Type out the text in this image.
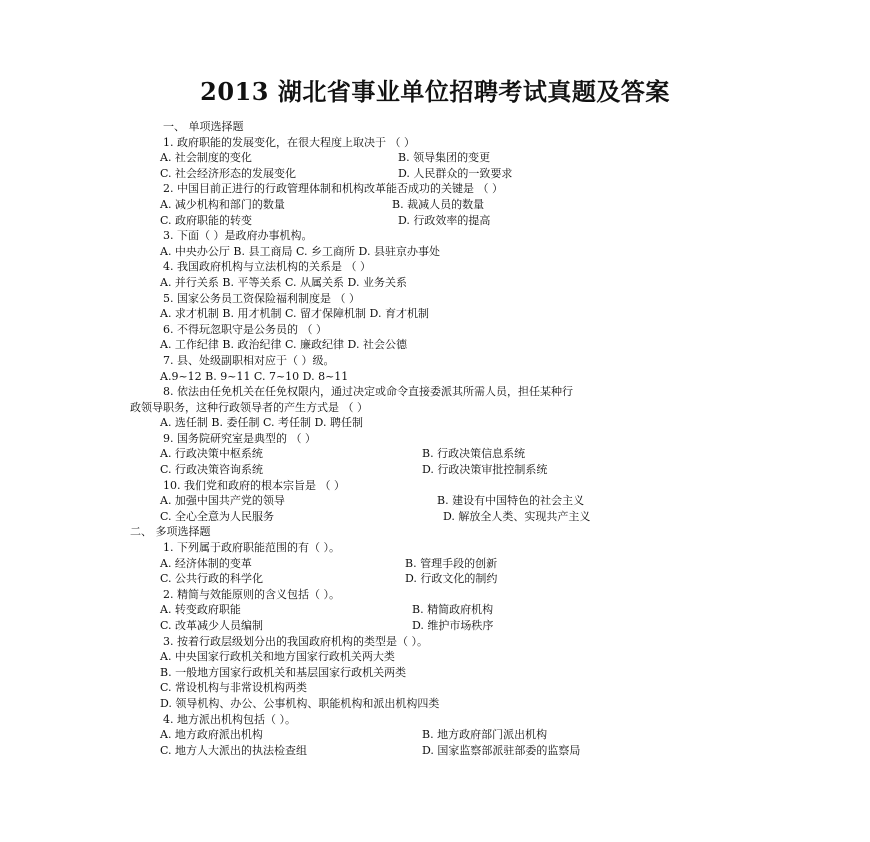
2013 湖北省事业单位招聘考试真题及答案
一、 单项选择题
1. 政府职能的发展变化，在很大程度上取决于 （ ）
A. 社会制度的变化	B. 领导集团的变更
C. 社会经济形态的发展变化	D. 人民群众的一致要求
2. 中国目前正进行的行政管理体制和机构改革能否成功的关键是 （ ）
A. 减少机构和部门的数量	B. 裁减人员的数量
C. 政府职能的转变	D. 行政效率的提高
3. 下面（ ）是政府办事机构。
A. 中央办公厅 B. 县工商局 C. 乡工商所 D. 县驻京办事处
4. 我国政府机构与立法机构的关系是 （ ）
A. 并行关系 B. 平等关系 C. 从属关系 D. 业务关系
5. 国家公务员工资保险福利制度是 （ ）
A. 求才机制 B. 用才机制 C. 留才保障机制 D. 育才机制
6. 不得玩忽职守是公务员的 （ ）
A. 工作纪律 B. 政治纪律 C. 廉政纪律 D. 社会公德
7. 县、处级副职相对应于（ ）级。
A.9~12 B. 9~11 C. 7~10 D. 8~11
8. 依法由任免机关在任免权限内，通过决定或命令直接委派其所需人员，担任某种行
政领导职务，这种行政领导者的产生方式是 （ ）
A. 选任制 B. 委任制 C. 考任制 D. 聘任制
9. 国务院研究室是典型的 （ ）
A. 行政决策中枢系统	B. 行政决策信息系统
C. 行政决策咨询系统	D. 行政决策审批控制系统
10. 我们党和政府的根本宗旨是 （ ）
A. 加强中国共产党的领导	B. 建设有中国特色的社会主义
C. 全心全意为人民服务	D. 解放全人类、实现共产主义
二、 多项选择题
1. 下列属于政府职能范围的有（ ）。
A. 经济体制的变革	B. 管理手段的创新
C. 公共行政的科学化	D. 行政文化的制约
2. 精简与效能原则的含义包括（ ）。
A. 转变政府职能	B. 精简政府机构
C. 改革减少人员编制	D. 维护市场秩序
3. 按着行政层级划分出的我国政府机构的类型是（ ）。
A. 中央国家行政机关和地方国家行政机关两大类
B. 一般地方国家行政机关和基层国家行政机关两类
C. 常设机构与非常设机构两类
D. 领导机构、办公、公事机构、职能机构和派出机构四类
4. 地方派出机构包括（ ）。
A. 地方政府派出机构	B. 地方政府部门派出机构
C. 地方人大派出的执法检查组	D. 国家监察部派驻部委的监察局
